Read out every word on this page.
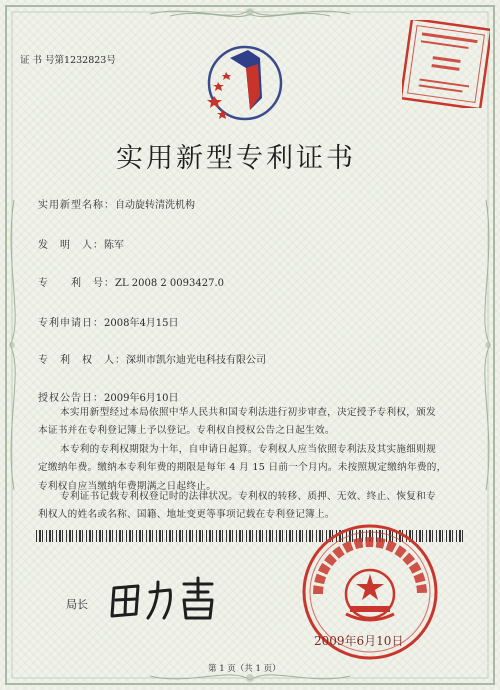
证 书 号第1232823号
实用新型专利证书
实用新型名称：自动旋转清洗机构
发　明　人：陈军
专　　利　号：ZL 2008 2 0093427.0
专利申请日：2008年4月15日
专　利　权　人：深圳市凯尔迪光电科技有限公司
授权公告日：2009年6月10日
本实用新型经过本局依照中华人民共和国专利法进行初步审查，决定授予专利权，颁发
本证书并在专利登记簿上予以登记。专利权自授权公告之日起生效。
本专利的专利权期限为十年，自申请日起算。专利权人应当依照专利法及其实施细则规
定缴纳年费。缴纳本专利年费的期限是每年 4 月 15 日前一个月内。未按照规定缴纳年费的，
专利权自应当缴纳年费期满之日起终止。
专利证书记载专利权登记时的法律状况。专利权的转移、质押、无效、终止、恢复和专
利权人的姓名或名称、国籍、地址变更等事项记载在专利登记簿上。
局长
2009年6月10日
第 1 页（共 1 页）
